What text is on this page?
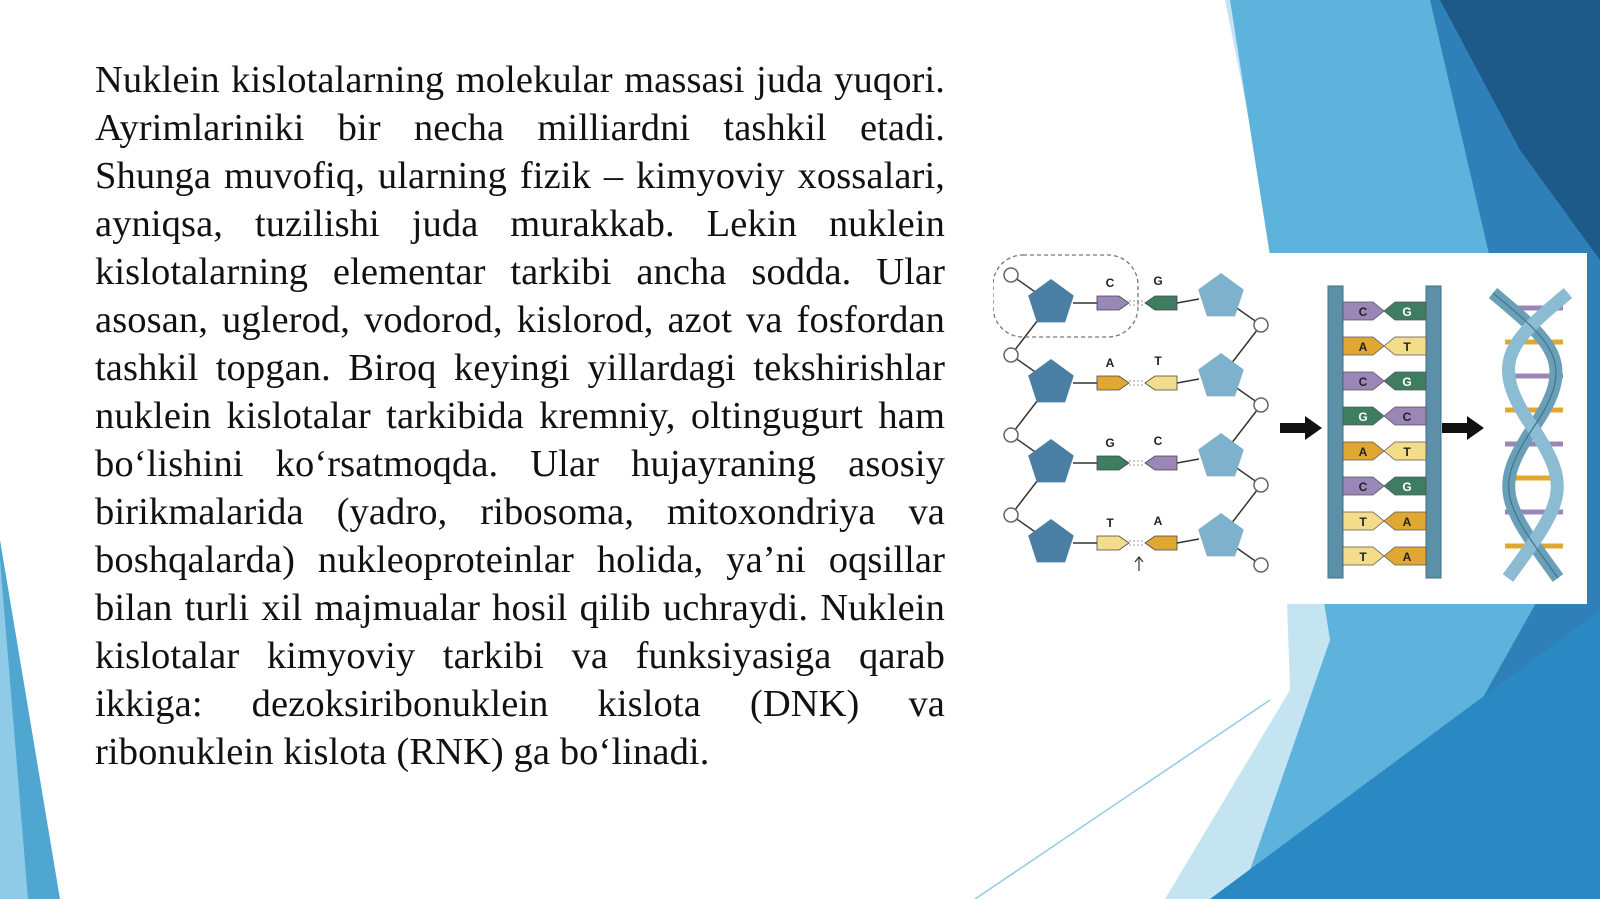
Nuklein kislotalarning molekular massasi juda yuqori. Ayrimlariniki bir necha milliardni tashkil etadi. Shunga muvofiq, ularning fizik – kimyoviy xossalari, ayniqsa, tuzilishi juda murakkab. Lekin nuklein kislotalarning elementar tarkibi ancha sodda. Ular asosan, uglerod, vodorod, kislorod, azot va fosfordan tashkil topgan. Biroq keyingi yillardagi tekshirishlar nuklein kislotalar tarkibida kremniy, oltingugurt ham bo‘lishini ko‘rsatmoqda. Ular hujayraning asosiy birikmalarida (yadro, ribosoma, mitoxondriya va boshqalarda) nukleoproteinlar holida, ya’ni oqsillar bilan turli xil majmualar hosil qilib uchraydi. Nuklein kislotalar kimyoviy tarkibi va funksiyasiga qarab ikkiga: dezoksiribonuklein kislota (DNK) va ribonuklein kislota (RNK) ga bo‘linadi.
C	G
A	T
G	C
T	A
C	G
A	T
C	G
G	C
A	T
C	G
T	A
T	A
